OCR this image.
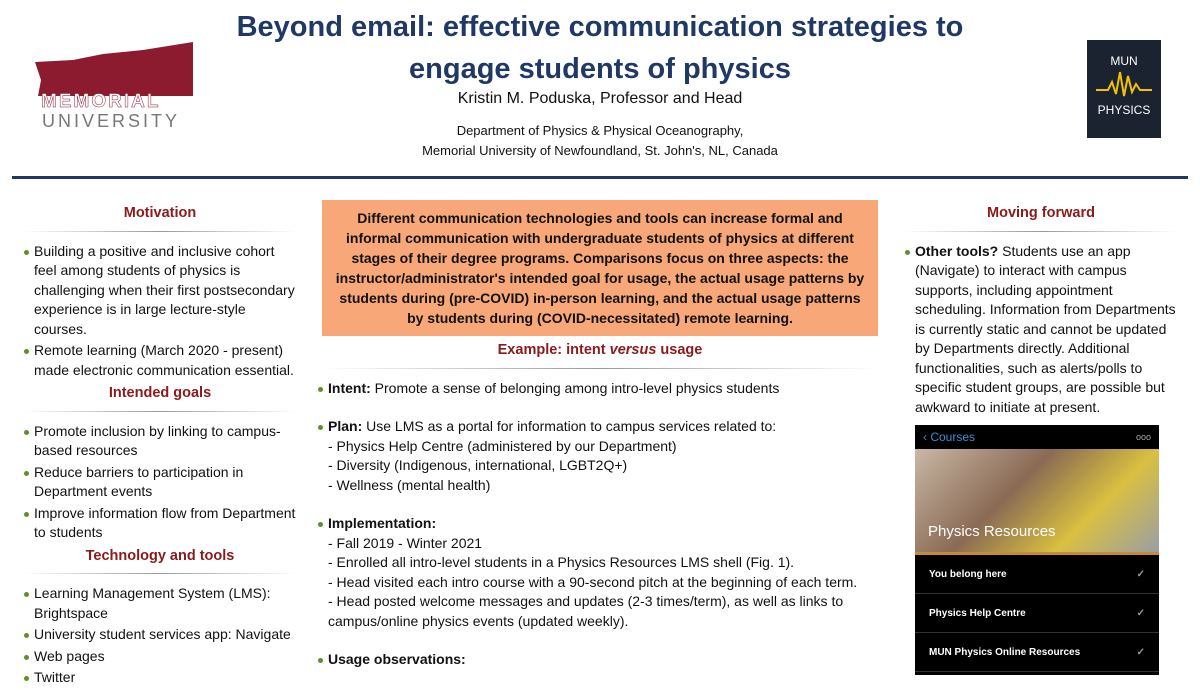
Beyond email: effective communication strategies to engage students of physics
Kristin M. Poduska, Professor and Head
Department of Physics & Physical Oceanography,
Memorial University of Newfoundland, St. John's, NL, Canada
MEMORIAL
UNIVERSITY
MUN
PHYSICS
Motivation
Building a positive and inclusive cohort feel among students of physics is challenging when their first postsecondary experience is in large lecture-style courses.
Remote learning (March 2020 - present) made electronic communication essential.
Intended goals
Promote inclusion by linking to campus-based resources
Reduce barriers to participation in Department events
Improve information flow from Department to students
Technology and tools
Learning Management System (LMS): Brightspace
University student services app: Navigate
Web pages
Twitter
Different communication technologies and tools can increase formal and informal communication with undergraduate students of physics at different stages of their degree programs. Comparisons focus on three aspects: the instructor/administrator's intended goal for usage, the actual usage patterns by students during (pre-COVID) in-person learning, and the actual usage patterns by students during (COVID-necessitated) remote learning.
Example: intent versus usage
Intent: Promote a sense of belonging among intro-level physics students
Plan: Use LMS as a portal for information to campus services related to:
- Physics Help Centre (administered by our Department)
- Diversity (Indigenous, international, LGBT2Q+)
- Wellness (mental health)
Implementation:
- Fall 2019 - Winter 2021
- Enrolled all intro-level students in a Physics Resources LMS shell (Fig. 1).
- Head visited each intro course with a 90-second pitch at the beginning of each term.
- Head posted welcome messages and updates (2-3 times/term), as well as links to campus/online physics events (updated weekly).
Usage observations:
Moving forward
Other tools? Students use an app (Navigate) to interact with campus supports, including appointment scheduling. Information from Departments is currently static and cannot be updated by Departments directly. Additional functionalities, such as alerts/polls to specific student groups, are possible but awkward to initiate at present.
‹ Courses	ooo
Physics Resources
You belong here	✓
Physics Help Centre	✓
MUN Physics Online Resources	✓
